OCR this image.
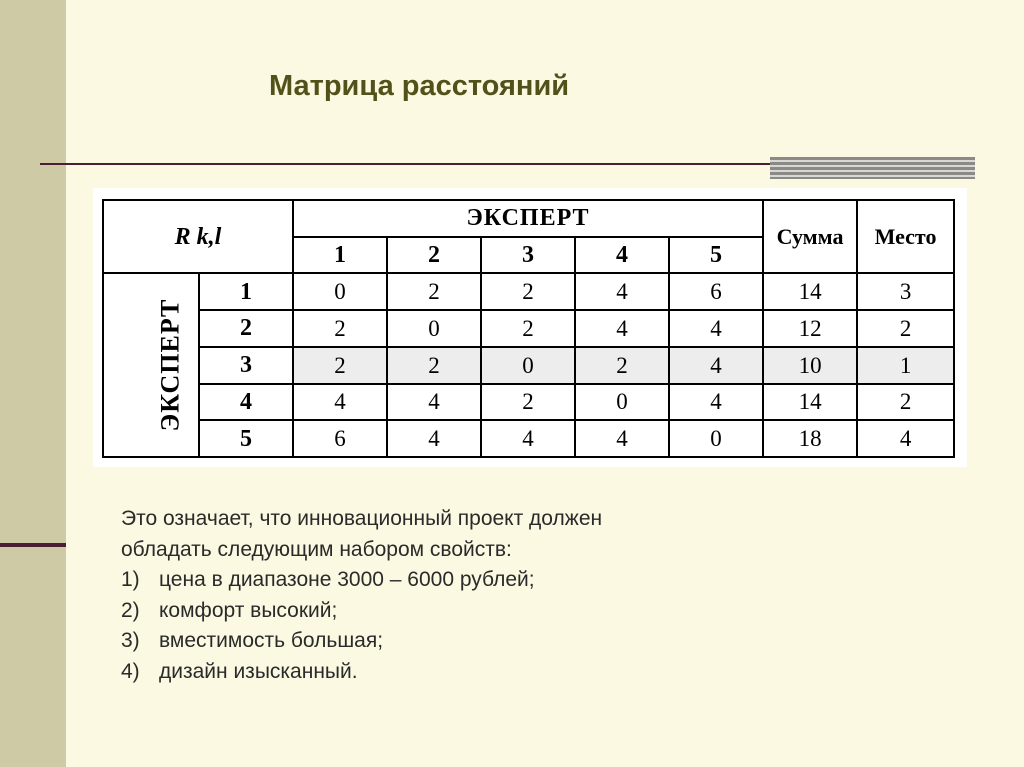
Матрица расстояний
R k,l		ЭКСПЕРТ					Сумма	Место
		1	2	3	4	5		
ЭКСПЕРТ	1	0	2	2	4	6	14	3
	2	2	0	2	4	4	12	2
	3	2	2	0	2	4	10	1
	4	4	4	2	0	4	14	2
	5	6	4	4	4	0	18	4

Это означает, что инновационный проект должен

обладать следующим набором свойств:

1) цена в диапазоне 3000 – 6000 рублей;
2) комфорт высокий;
3) вместимость большая;
4) дизайн изысканный.
